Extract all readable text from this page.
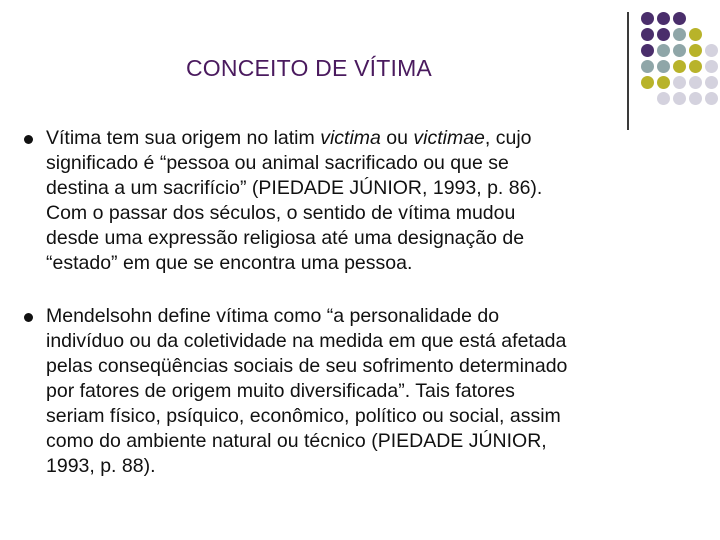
CONCEITO DE VÍTIMA
Vítima tem sua origem no latim victima ou victimae, cujo
significado é “pessoa ou animal sacrificado ou que se
destina a um sacrifício” (PIEDADE JÚNIOR, 1993, p. 86).
Com o passar dos séculos, o sentido de vítima mudou
desde uma expressão religiosa até uma designação de
“estado” em que se encontra uma pessoa.
Mendelsohn define vítima como “a personalidade do
indivíduo ou da coletividade na medida em que está afetada
pelas conseqüências sociais de seu sofrimento determinado
por fatores de origem muito diversificada”. Tais fatores
seriam físico, psíquico, econômico, político ou social, assim
como do ambiente natural ou técnico (PIEDADE JÚNIOR,
1993, p. 88).
